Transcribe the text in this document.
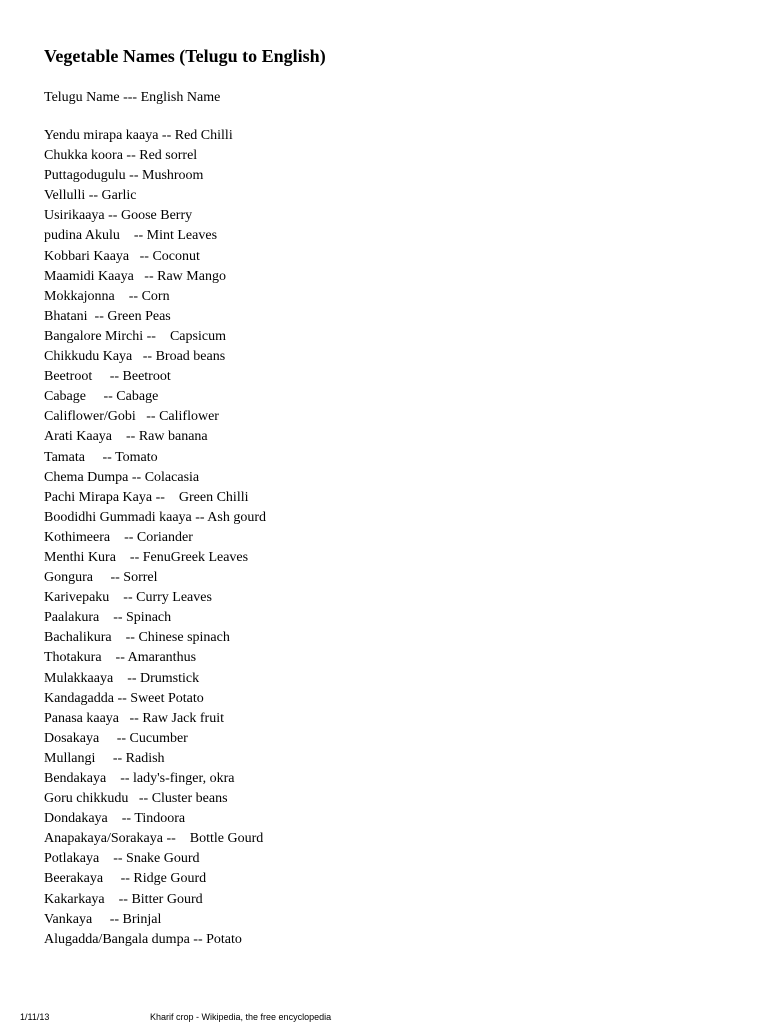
Vegetable Names (Telugu to English)
Telugu Name --- English Name
Yendu mirapa kaaya -- Red Chilli
Chukka koora -- Red sorrel
Puttagodugulu -- Mushroom
Vellulli -- Garlic
Usirikaaya -- Goose Berry
pudina Akulu    -- Mint Leaves
Kobbari Kaaya   -- Coconut
Maamidi Kaaya   -- Raw Mango
Mokkajonna    -- Corn
Bhatani  -- Green Peas
Bangalore Mirchi --    Capsicum
Chikkudu Kaya   -- Broad beans
Beetroot     -- Beetroot
Cabage     -- Cabage
Califlower/Gobi   -- Califlower
Arati Kaaya    -- Raw banana
Tamata     -- Tomato
Chema Dumpa -- Colacasia
Pachi Mirapa Kaya --    Green Chilli
Boodidhi Gummadi kaaya -- Ash gourd
Kothimeera    -- Coriander
Menthi Kura    -- FenuGreek Leaves
Gongura     -- Sorrel
Karivepaku    -- Curry Leaves
Paalakura    -- Spinach
Bachalikura    -- Chinese spinach
Thotakura    -- Amaranthus
Mulakkaaya    -- Drumstick
Kandagadda -- Sweet Potato
Panasa kaaya   -- Raw Jack fruit
Dosakaya     -- Cucumber
Mullangi     -- Radish
Bendakaya    -- lady's-finger, okra
Goru chikkudu   -- Cluster beans
Dondakaya    -- Tindoora
Anapakaya/Sorakaya --    Bottle Gourd
Potlakaya    -- Snake Gourd
Beerakaya     -- Ridge Gourd
Kakarkaya    -- Bitter Gourd
Vankaya     -- Brinjal
Alugadda/Bangala dumpa -- Potato
1/11/13	Kharif crop - Wikipedia, the free encyclopedia
